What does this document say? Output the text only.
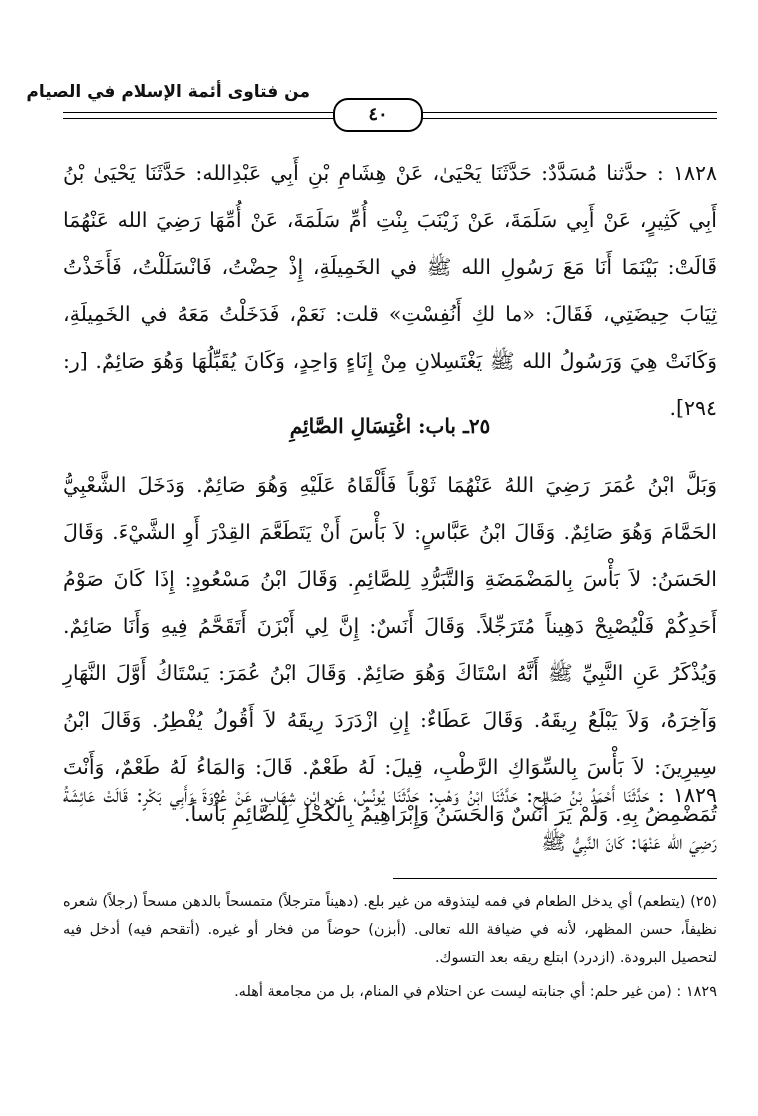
من فتاوى أئمة الإسلام في الصيام
٤٠

١٨٢٨ : حدَّثنا مُسَدَّدٌ: حَدَّثَنَا يَحْيَىٰ، عَنْ هِشَامِ بْنِ أَبِي عَبْدِالله: حَدَّثَنَا يَحْيَىٰ بْنُ أَبِي كَثِيرٍ، عَنْ أَبِي سَلَمَةَ، عَنْ زَيْنَبَ بِنْتِ أُمِّ سَلَمَةَ، عَنْ أُمِّهَا رَضِيَ الله عَنْهُمَا قَالَتْ: بَيْنَمَا أَنَا مَعَ رَسُولِ الله ﷺ في الخَمِيلَةِ، إِذْ حِضْتُ، فَانْسَلَلْتُ، فَأَخَذْتُ ثِيَابَ حِيضَتِي، فَقَالَ: «ما لكِ أَنُفِسْتِ» قلت: نَعَمْ، فَدَخَلْتُ مَعَهُ في الخَمِيلَةِ، وَكَانَتْ هِيَ وَرَسُولُ الله ﷺ يَغْتَسِلانِ مِنْ إِنَاءٍ وَاحِدٍ، وَكَانَ يُقَبِّلُهَا وَهُوَ صَائِمٌ. [ر: ٢٩٤].

٢٥ـ باب: اغْتِسَالِ الصَّائِمِ

وَبَلَّ ابْنُ عُمَرَ رَضِيَ اللهُ عَنْهُمَا ثَوْباً فَأَلْقَاهُ عَلَيْهِ وَهُوَ صَائِمٌ. وَدَخَلَ الشَّعْبِيُّ الحَمَّامَ وَهُوَ صَائِمٌ. وَقَالَ ابْنُ عَبَّاسٍ: لاَ بَأْسَ أَنْ يَتَطَعَّمَ القِدْرَ أَوِ الشَّيْءَ. وَقَالَ الحَسَنُ: لاَ بَأْسَ بِالمَضْمَضَةِ وَالتَّبَرُّدِ لِلصَّائِمِ. وَقَالَ ابْنُ مَسْعُودٍ: إِذَا كَانَ صَوْمُ أَحَدِكُمْ فَلْيُصْبِحْ دَهِيناً مُتَرَجِّلاً. وَقَالَ أَنَسٌ: إِنَّ لِي أَبْزَنَ أَتَقَحَّمُ فِيهِ وَأَنَا صَائِمٌ. وَيُذْكَرُ عَنِ النَّبِيِّ ﷺ أَنَّهُ اسْتَاكَ وَهُوَ صَائِمٌ. وَقَالَ ابْنُ عُمَرَ: يَسْتَاكُ أَوَّلَ النَّهَارِ وَآخِرَهُ، وَلاَ يَبْلَعُ رِيقَهُ. وَقَالَ عَطَاءٌ: إِنِ ازْدَرَدَ رِيقَهُ لاَ أَقُولُ يُفْطِرُ. وَقَالَ ابْنُ سِيرِينَ: لاَ بَأْسَ بِالسِّوَاكِ الرَّطْبِ، قِيلَ: لَهُ طَعْمٌ. قَالَ: وَالمَاءُ لَهُ طَعْمٌ، وَأَنْتَ تُمَضْمِضُ بِهِ. وَلَمْ يَرَ أَنَسٌ وَالحَسَنُ وَإِبْرَاهِيمُ بِالكُحْلِ لِلصَّائِمِ بَأْساً.

١٨٢٩ : حَدَّثَنَا أَحْمَدُ بْنُ صَالِحٍ: حَدَّثَنَا ابْنُ وَهْبٍ: حَدَّثَنَا يُونُسُ، عَنِ ابْنِ شِهَابٍ، عَنْ عُرْوَةَ وَأَبِي بَكْرٍ: قَالَتْ عَائِشَةُ رَضِيَ الله عَنْهَا: كَانَ النَّبِيُّ ﷺ

(٢٥) (يتطعم) أي يدخل الطعام في فمه ليتذوقه من غير بلع. (دهيناً مترجلاً) متمسحاً بالدهن مسحاً (رجلاً) شعره نظيفاً، حسن المظهر، لأنه في ضيافة الله تعالى. (أبزن) حوضاً من فخار أو غيره. (أتقحم فيه) أدخل فيه لتحصيل البرودة. (ازدرد) ابتلع ريقه بعد التسوك.

١٨٢٩ : (من غير حلم: أي جنابته ليست عن احتلام في المنام، بل من مجامعة أهله.
